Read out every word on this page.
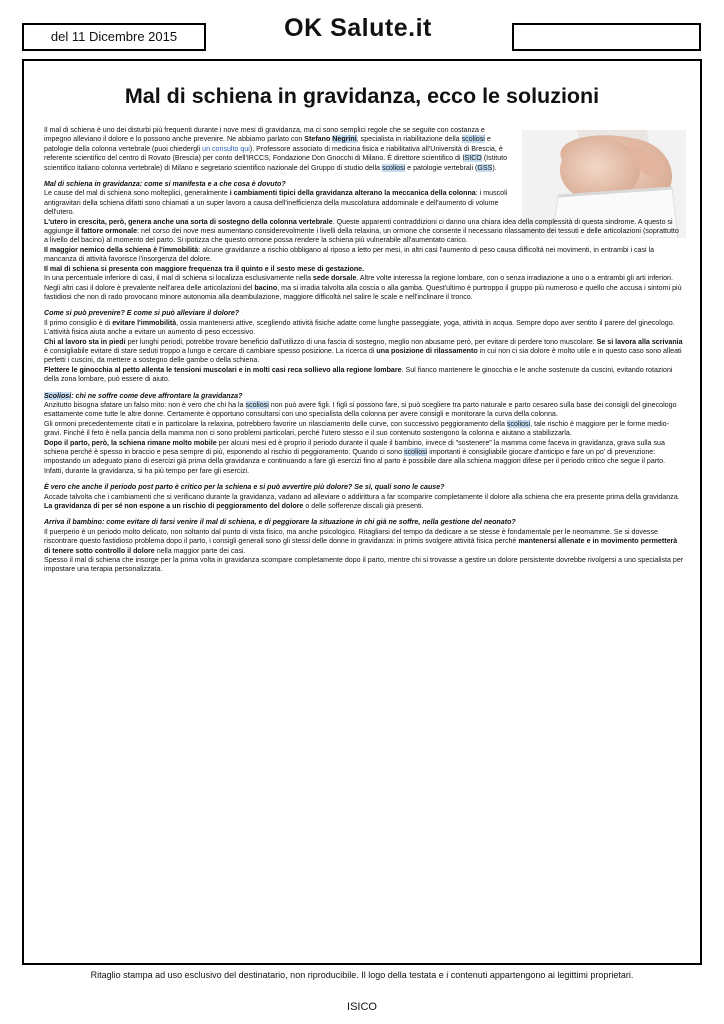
del 11 Dicembre 2015	OK Salute.it
Mal di schiena in gravidanza, ecco le soluzioni

Il mal di schiena è uno dei disturbi più frequenti durante i nove mesi di gravidanza, ma ci sono semplici regole che se seguite con costanza e impegno alleviano il dolore e lo possono anche prevenire. Ne abbiamo parlato con Stefano Negrini, specialista in riabilitazione della scoliosi e patologie della colonna vertebrale (puoi chiedergli un consulto qui). Professore associato di medicina fisica e riabilitativa all'Università di Brescia, è referente scientifico del centro di Rovato (Brescia) per conto dell'IRCCS, Fondazione Don Gnocchi di Milano. È direttore scientifico di ISICO (Istituto scientifico italiano colonna vertebrale) di Milano e segretario scientifico nazionale del Gruppo di studio della scoliosi e patologie vertebrali (GSS).

Mal di schiena in gravidanza: come si manifesta e a che cosa è dovuto?

Le cause del mal di schiena sono molteplici, generalmente i cambiamenti tipici della gravidanza alterano la meccanica della colonna: i muscoli antigravitari della schiena difatti sono chiamati a un super lavoro a causa dell'inefficienza della muscolatura addominale e dell'aumento di volume dell'utero.

L'utero in crescita, però, genera anche una sorta di sostegno della colonna vertebrale. Queste apparenti contraddizioni ci danno una chiara idea della complessità di questa sindrome. A questo si aggiunge il fattore ormonale: nel corso dei nove mesi aumentano considerevolmente i livelli della relaxina, un ormone che consente il necessario rilassamento dei tessuti e delle articolazioni (soprattutto a livello del bacino) al momento del parto. Si ipotizza che questo ormone possa rendere la schiena più vulnerabile all'aumentato carico.

Il maggior nemico della schiena è l'immobilità: alcune gravidanze a rischio obbligano al riposo a letto per mesi, in altri casi l'aumento di peso causa difficoltà nei movimenti, in entrambi i casi la mancanza di attività favorisce l'insorgenza del dolore.

Il mal di schiena si presenta con maggiore frequenza tra il quinto e il sesto mese di gestazione.

In una percentuale inferiore di casi, il mal di schiena si localizza esclusivamente nella sede dorsale. Altre volte interessa la regione lombare, con o senza irradiazione a uno o a entrambi gli arti inferiori. Negli altri casi il dolore è prevalente nell'area delle articolazioni del bacino, ma si irradia talvolta alla coscia o alla gamba. Quest'ultimo è purtroppo il gruppo più numeroso e quello che accusa i sintomi più fastidiosi che non di rado provocano minore autonomia alla deambulazione, maggiore difficoltà nel salire le scale e nell'inclinare il tronco.

Come si può prevenire? E come si può alleviare il dolore?

Il primo consiglio è di evitare l'immobilità, ossia mantenersi attive, scegliendo attività fisiche adatte come lunghe passeggiate, yoga, attività in acqua. Sempre dopo aver sentito il parere del ginecologo. L'attività fisica aiuta anche a evitare un aumento di peso eccessivo.

Chi al lavoro sta in piedi per lunghi periodi, potrebbe trovare beneficio dall'utilizzo di una fascia di sostegno, meglio non abusarne però, per evitare di perdere tono muscolare. Se si lavora alla scrivania è consigliabile evitare di stare seduti troppo a lungo e cercare di cambiare spesso posizione. La ricerca di una posizione di rilassamento in cui non ci sia dolore è molto utile e in questo caso sono alleati perfetti i cuscini, da mettere a sostegno delle gambe o della schiena.

Flettere le ginocchia al petto allenta le tensioni muscolari e in molti casi reca sollievo alla regione lombare. Sul fianco mantenere le ginocchia e le anche sostenute da cuscini, evitando rotazioni della zona lombare, può essere di aiuto.

Scoliosi: chi ne soffre come deve affrontare la gravidanza?

Anzitutto bisogna sfatare un falso mito: non è vero che chi ha la scoliosi non può avere figli. I figli si possono fare, si può scegliere tra parto naturale e parto cesareo sulla base dei consigli del ginecologo esattamente come tutte le altre donne. Certamente è opportuno consultarsi con uno specialista della colonna per avere consigli e monitorare la curva della colonna.

Gli ormoni precedentemente citati e in particolare la relaxina, potrebbero favorire un rilasciamento delle curve, con successivo peggioramento della scoliosi, tale rischio è maggiore per le forme medio-gravi. Finché il feto è nella pancia della mamma non ci sono problemi particolari, perché l'utero stesso e il suo contenuto sostengono la colonna e aiutano a stabilizzarla.

Dopo il parto, però, la schiena rimane molto mobile per alcuni mesi ed è proprio il periodo durante il quale il bambino, invece di "sostenere" la mamma come faceva in gravidanza, grava sulla sua schiena perché è spesso in braccio e pesa sempre di più, esponendo al rischio di peggioramento. Quando ci sono scoliosi importanti è consigliabile giocare d'anticipo e fare un po' di prevenzione: impostando un adeguato piano di esercizi già prima della gravidanza e continuando a fare gli esercizi fino al parto è possibile dare alla schiena maggiori difese per il periodo critico che segue il parto. Infatti, durante la gravidanza, si ha più tempo per fare gli esercizi.

È vero che anche il periodo post parto è critico per la schiena e si può avvertire più dolore? Se sì, quali sono le cause?

Accade talvolta che i cambiamenti che si verificano durante la gravidanza, vadano ad alleviare o addirittura a far scomparire completamente il dolore alla schiena che era presente prima della gravidanza. La gravidanza di per sé non espone a un rischio di peggioramento del dolore o delle sofferenze discali già presenti.

Arriva il bambino: come evitare di farsi venire il mal di schiena, e di peggiorare la situazione in chi già ne soffre, nella gestione del neonato?

Il puerperio è un periodo molto delicato, non soltanto dal punto di vista fisico, ma anche psicologico. Ritagliarsi del tempo da dedicare a se stesse è fondamentale per le neomamme. Se si dovesse riscontrare questo fastidioso problema dopo il parto, i consigli generali sono gli stessi delle donne in gravidanza: in primis svolgere attività fisica perché mantenersi allenate e in movimento permetterà di tenere sotto controllo il dolore nella maggior parte dei casi.

Spesso il mal di schiena che insorge per la prima volta in gravidanza scompare completamente dopo il parto, mentre chi si trovasse a gestire un dolore persistente dovrebbe rivolgersi a uno specialista per impostare una terapia personalizzata.

Ritaglio stampa ad uso esclusivo del destinatario, non riproducibile. Il logo della testata e i contenuti appartengono ai legittimi proprietari.
ISICO
